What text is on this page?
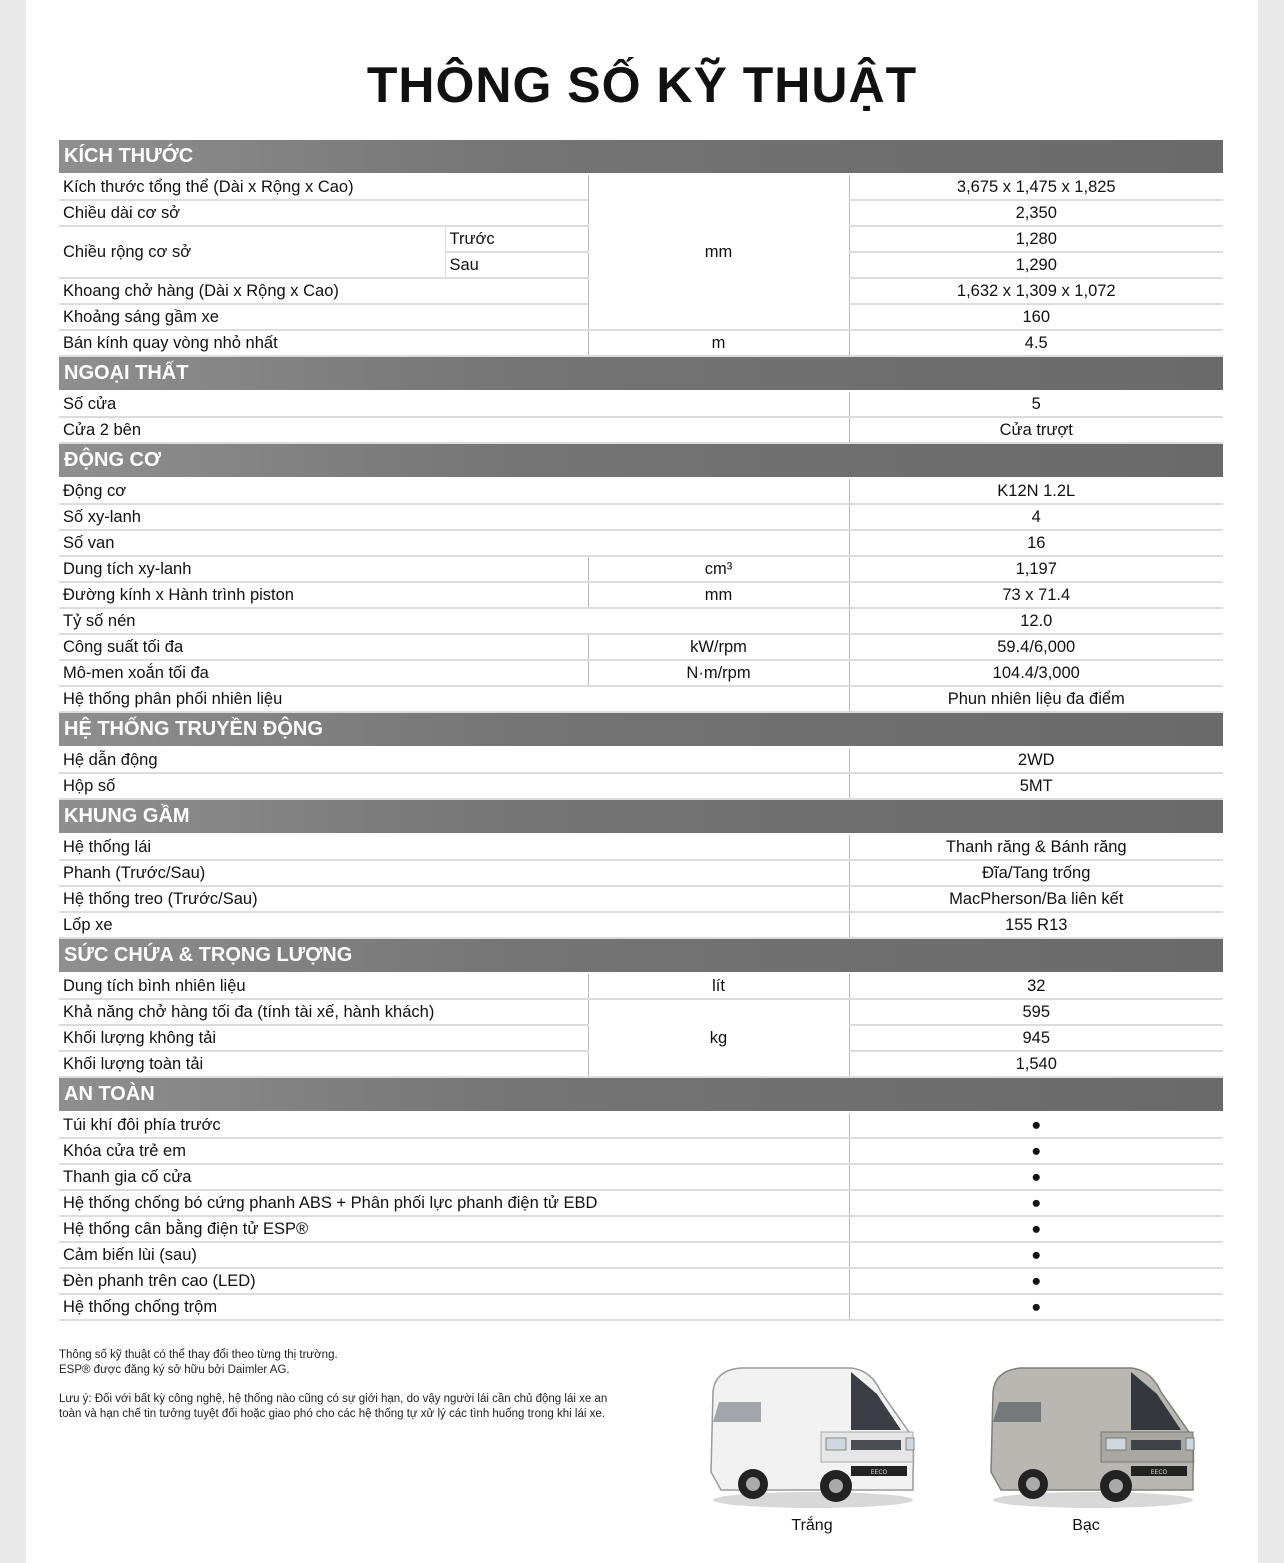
THÔNG SỐ KỸ THUẬT
KÍCH THƯỚC			
Kích thước tổng thể (Dài x Rộng x Cao)		mm	3,675 x 1,475 x 1,825
Chiều dài cơ sở			2,350
Chiều rộng cơ sở	Trước		1,280
	Sau		1,290
Khoang chở hàng (Dài x Rộng x Cao)			1,632 x 1,309 x 1,072
Khoảng sáng gầm xe			160
Bán kính quay vòng nhỏ nhất		m	4.5
NGOẠI THẤT			
Số cửa			5
Cửa 2 bên			Cửa trượt
ĐỘNG CƠ			
Động cơ			K12N 1.2L
Số xy-lanh			4
Số van			16
Dung tích xy-lanh		cm³	1,197
Đường kính x Hành trình piston		mm	73 x 71.4
Tỷ số nén			12.0
Công suất tối đa		kW/rpm	59.4/6,000
Mô-men xoắn tối đa		N·m/rpm	104.4/3,000
Hệ thống phân phối nhiên liệu			Phun nhiên liệu đa điểm
HỆ THỐNG TRUYỀN ĐỘNG			
Hệ dẫn động			2WD
Hộp số			5MT
KHUNG GẦM			
Hệ thống lái			Thanh răng & Bánh răng
Phanh (Trước/Sau)			Đĩa/Tang trống
Hệ thống treo (Trước/Sau)			MacPherson/Ba liên kết
Lốp xe			155 R13
SỨC CHỨA & TRỌNG LƯỢNG			
Dung tích bình nhiên liệu		lít	32
Khả năng chở hàng tối đa (tính tài xế, hành khách)		kg	595
Khối lượng không tải			945
Khối lượng toàn tải			1,540
AN TOÀN			
Túi khí đôi phía trước			●
Khóa cửa trẻ em			●
Thanh gia cố cửa			●
Hệ thống chống bó cứng phanh ABS + Phân phối lực phanh điện tử EBD			●
Hệ thống cân bằng điện tử ESP®			●
Cảm biến lùi (sau)			●
Đèn phanh trên cao (LED)			●
Hệ thống chống trộm			●

Thông số kỹ thuật có thể thay đổi theo từng thị trường.

ESP® được đăng ký sở hữu bởi Daimler AG.

Lưu ý: Đối với bất kỳ công nghệ, hệ thống nào cũng có sự giới hạn, do vậy người lái cần chủ động lái xe an

toàn và hạn chế tin tưởng tuyệt đối hoặc giao phó cho các hệ thống tự xử lý các tình huống trong khi lái xe.

EECO
Trắng
EECO
Bạc
